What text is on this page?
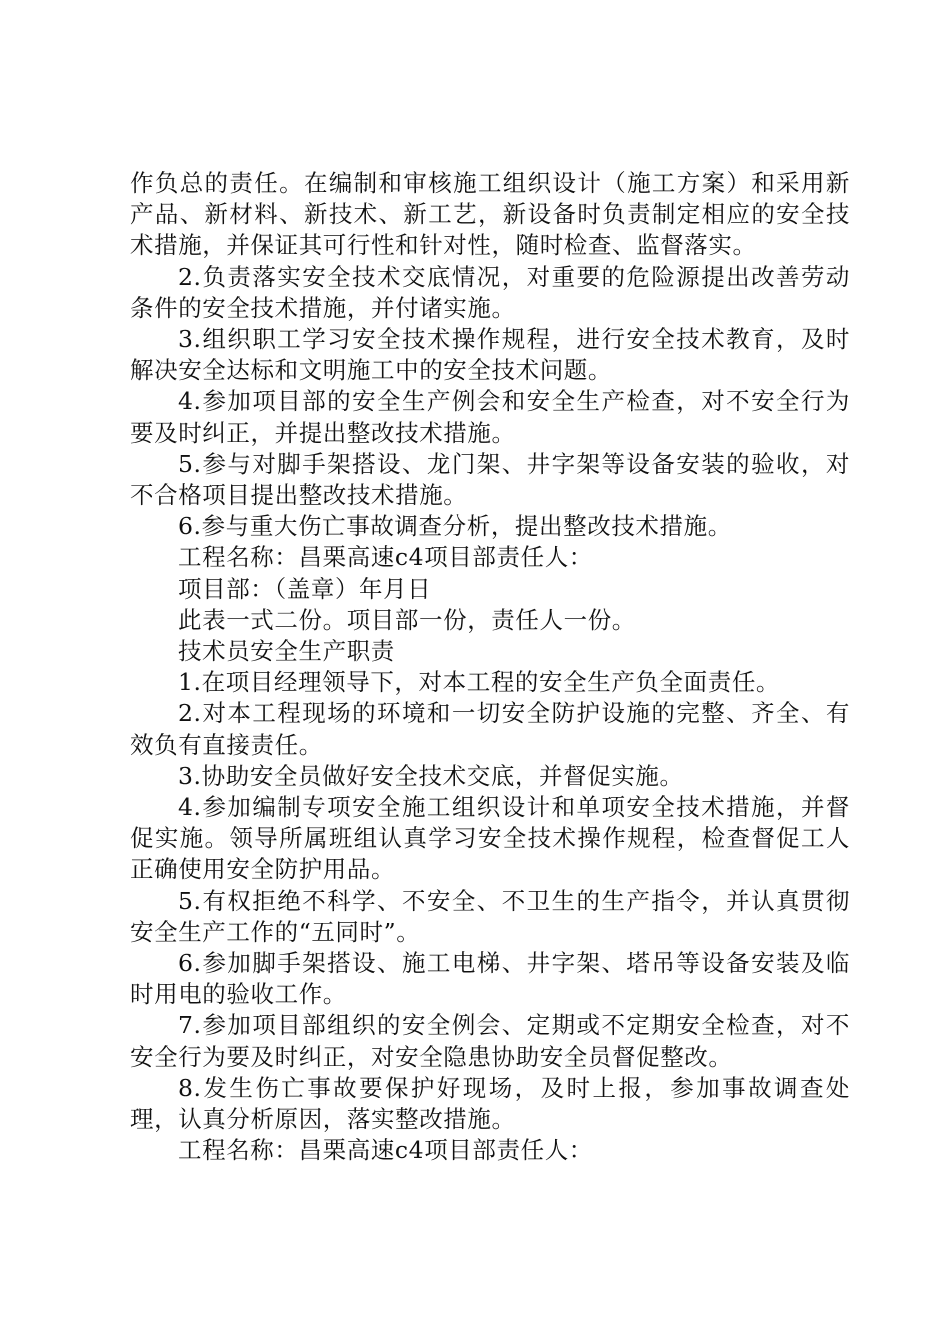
作负总的责任。在编制和审核施工组织设计（施工方案）和采用新产品、新材料、新技术、新工艺，新设备时负责制定相应的安全技术措施，并保证其可行性和针对性，随时检查、监督落实。

2.负责落实安全技术交底情况，对重要的危险源提出改善劳动条件的安全技术措施，并付诸实施。

3.组织职工学习安全技术操作规程，进行安全技术教育，及时解决安全达标和文明施工中的安全技术问题。

4.参加项目部的安全生产例会和安全生产检查，对不安全行为要及时纠正，并提出整改技术措施。

5.参与对脚手架搭设、龙门架、井字架等设备安装的验收，对不合格项目提出整改技术措施。

6.参与重大伤亡事故调查分析，提出整改技术措施。

工程名称：昌栗高速c4项目部责任人：

项目部：（盖章）年月日

此表一式二份。项目部一份，责任人一份。

技术员安全生产职责

1.在项目经理领导下，对本工程的安全生产负全面责任。

2.对本工程现场的环境和一切安全防护设施的完整、齐全、有效负有直接责任。

3.协助安全员做好安全技术交底，并督促实施。

4.参加编制专项安全施工组织设计和单项安全技术措施，并督促实施。领导所属班组认真学习安全技术操作规程，检查督促工人正确使用安全防护用品。

5.有权拒绝不科学、不安全、不卫生的生产指令，并认真贯彻安全生产工作的“五同时”。

6.参加脚手架搭设、施工电梯、井字架、塔吊等设备安装及临时用电的验收工作。

7.参加项目部组织的安全例会、定期或不定期安全检查，对不安全行为要及时纠正，对安全隐患协助安全员督促整改。

8.发生伤亡事故要保护好现场，及时上报，参加事故调查处理，认真分析原因，落实整改措施。

工程名称：昌栗高速c4项目部责任人：
